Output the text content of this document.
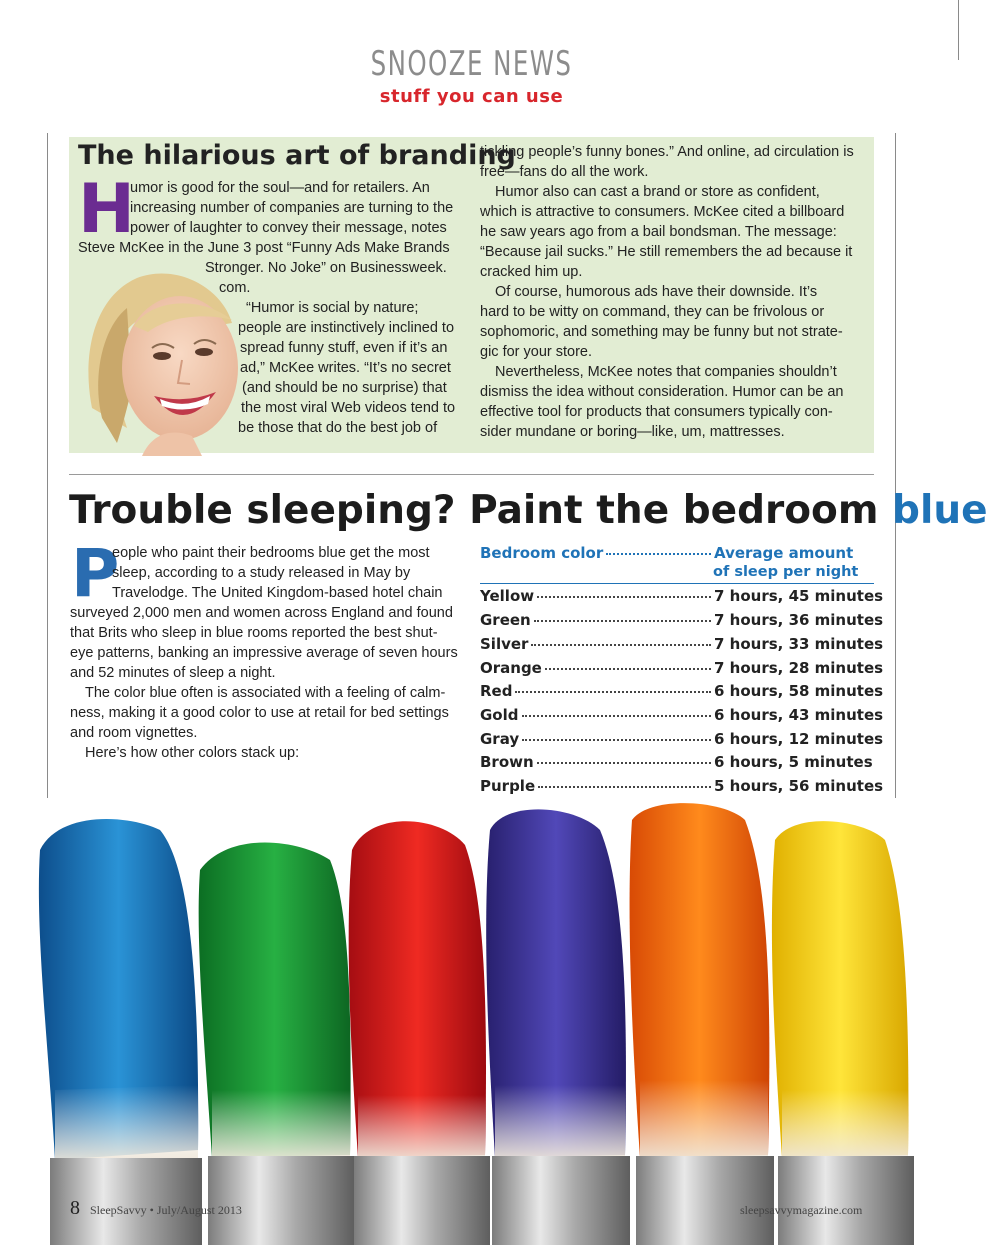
SNOOZE NEWS
stuff you can use
The hilarious art of branding
H
umor is good for the soul—and for retailers. An
increasing number of companies are turning to the
power of laughter to convey their message, notes
Steve McKee in the June 3 post “Funny Ads Make Brands
Stronger. No Joke” on Businessweek.
com.
“Humor is social by nature;
people are instinctively inclined to
spread funny stuff, even if it’s an
ad,” McKee writes. “It’s no secret
(and should be no surprise) that
the most viral Web videos tend to
be those that do the best job of
tickling people’s funny bones.” And online, ad circulation is
free—fans do all the work.
Humor also can cast a brand or store as confident,
which is attractive to consumers. McKee cited a billboard
he saw years ago from a bail bondsman. The message:
“Because jail sucks.” He still remembers the ad because it
cracked him up.
Of course, humorous ads have their downside. It’s
hard to be witty on command, they can be frivolous or
sophomoric, and something may be funny but not strate-
gic for your store.
Nevertheless, McKee notes that companies shouldn’t
dismiss the idea without consideration. Humor can be an
effective tool for products that consumers typically con-
sider mundane or boring—like, um, mattresses.
Trouble sleeping? Paint the bedroom blue
P
eople who paint their bedrooms blue get the most
sleep, according to a study released in May by
Travelodge. The United Kingdom-based hotel chain
surveyed 2,000 men and women across England and found
that Brits who sleep in blue rooms reported the best shut-
eye patterns, banking an impressive average of seven hours
and 52 minutes of sleep a night.
The color blue often is associated with a feeling of calm-
ness, making it a good color to use at retail for bed settings
and room vignettes.
Here’s how other colors stack up:
Bedroom color	Average amount
of sleep per night
Yellow	7 hours, 45 minutes
Green	7 hours, 36 minutes
Silver	7 hours, 33 minutes
Orange	7 hours, 28 minutes
Red	6 hours, 58 minutes
Gold	6 hours, 43 minutes
Gray	6 hours, 12 minutes
Brown	6 hours, 5 minutes
Purple	5 hours, 56 minutes
8 SleepSavvy • July/August 2013	sleepsavvymagazine.com
